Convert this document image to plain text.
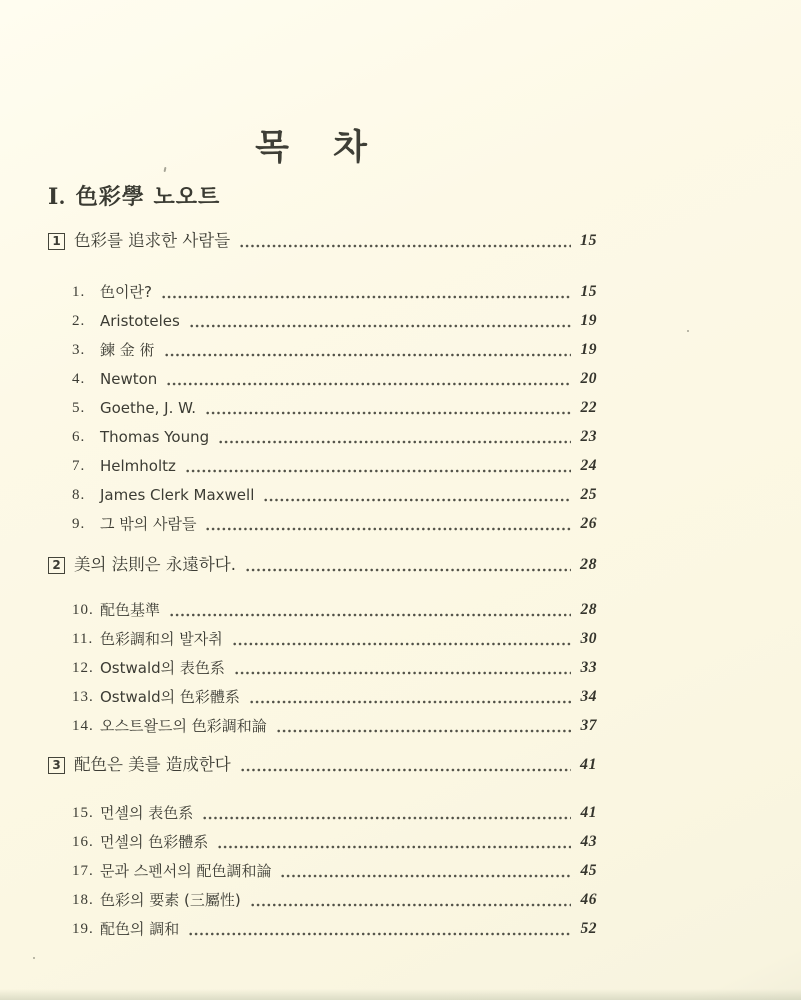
목 차
Ⅰ. 色彩學 노오트
1 色彩를 追求한 사람들	15
1. 色이란?	15
2. Aristoteles	19
3. 鍊 金 術	19
4. Newton	20
5. Goethe, J. W.	22
6. Thomas Young	23
7. Helmholtz	24
8. James Clerk Maxwell	25
9. 그 밖의 사람들	26
2 美의 法則은 永遠하다.	28
10. 配色基準	28
11. 色彩調和의 발자취	30
12. Ostwald의 表色系	33
13. Ostwald의 色彩體系	34
14. 오스트왈드의 色彩調和論	37
3 配色은 美를 造成한다	41
15. 먼셀의 表色系	41
16. 먼셀의 色彩體系	43
17. 문과 스펜서의 配色調和論	45
18. 色彩의 要素 (三屬性)	46
19. 配色의 調和	52
